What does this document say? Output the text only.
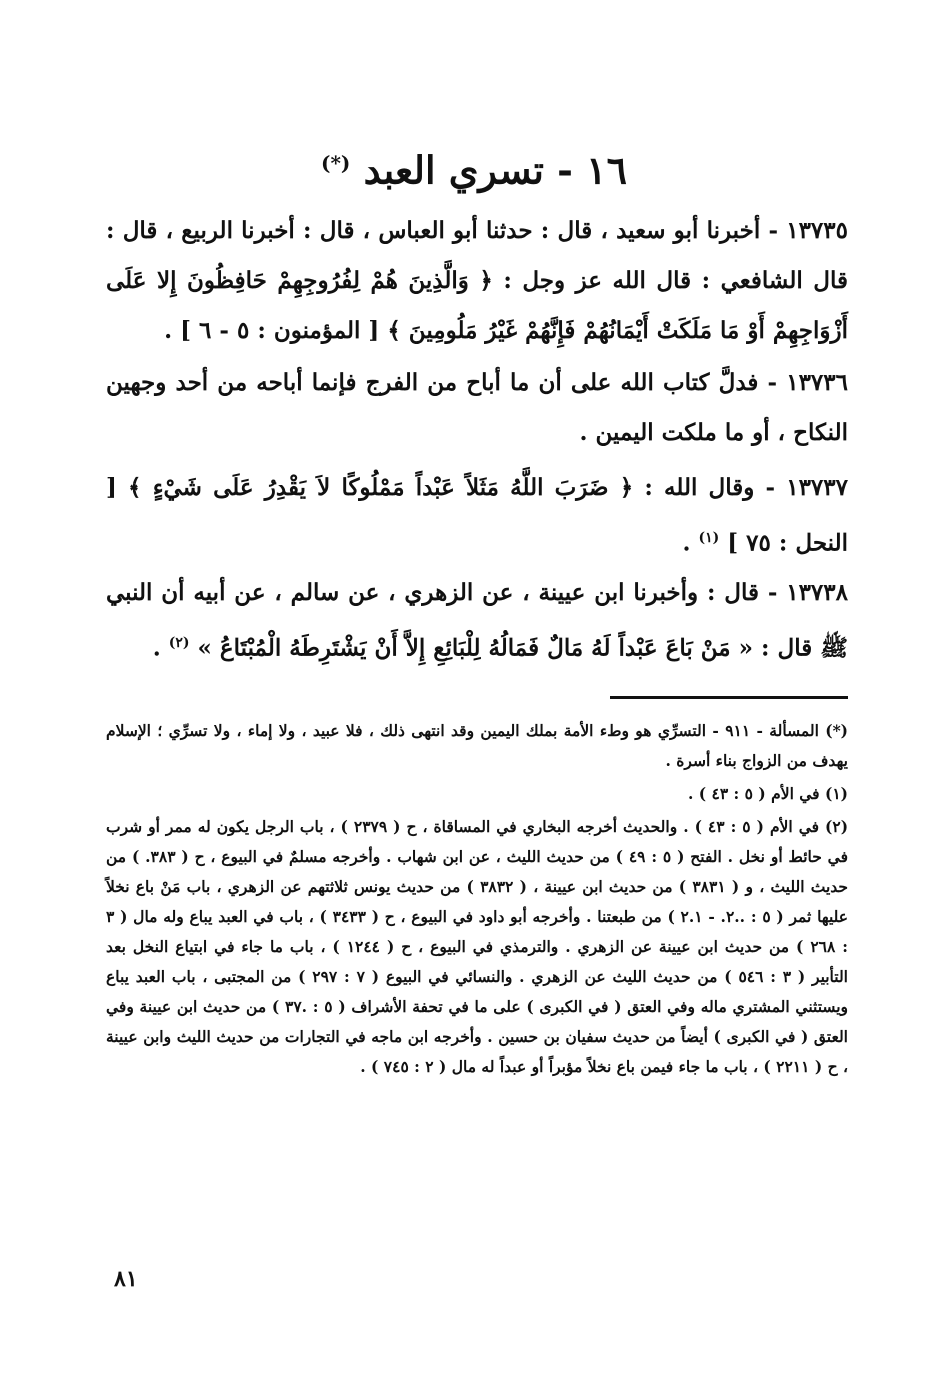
١٦ - تسري العبد (*)
١٣٧٣٥ - أخبرنا أبو سعيد ، قال : حدثنا أبو العباس ، قال : أخبرنا الربيع ، قال : قال الشافعي : قال الله عز وجل : ﴿ وَالَّذِينَ هُمْ لِفُرُوجِهِمْ حَافِظُونَ إِلا عَلَى أَزْوَاجِهِمْ أَوْ مَا مَلَكَتْ أَيْمَانُهُمْ فَإِنَّهُمْ غَيْرُ مَلُومِينَ ﴾ [ المؤمنون : ٥ - ٦ ] .
١٣٧٣٦ - فدلَّ كتاب الله على أن ما أباح من الفرج فإنما أباحه من أحد وجهين النكاح ، أو ما ملكت اليمين .
١٣٧٣٧ - وقال الله : ﴿ ضَرَبَ اللَّهُ مَثَلاً عَبْداً مَمْلُوكًا لاَ يَقْدِرُ عَلَى شَيْءٍ ﴾ [ النحل : ٧٥ ] $^{(١)}$ .
١٣٧٣٨ - قال : وأخبرنا ابن عيينة ، عن الزهري ، عن سالم ، عن أبيه أن النبي ﷺ قال : « مَنْ بَاعَ عَبْداً لَهُ مَالٌ فَمَالُهُ لِلْبَائِعِ إِلاَّ أَنْ يَشْتَرِطَهُ الْمُبْتَاعُ » $^{(٢)}$ .

(*) المسألة - ٩١١ - التسرِّي هو وطء الأمة بملك اليمين وقد انتهى ذلك ، فلا عبيد ، ولا إماء ، ولا تسرِّي ؛ الإسلام يهدف من الزواج بناء أسرة .

(١) في الأم ( ٥ : ٤٣ ) .

(٢) في الأم ( ٥ : ٤٣ ) . والحديث أخرجه البخاري في المساقاة ، ح ( ٢٣٧٩ ) ، باب الرجل يكون له ممر أو شرب في حائط أو نخل . الفتح ( ٥ : ٤٩ ) من حديث الليث ، عن ابن شهاب . وأخرجه مسلمٌ في البيوع ، ح ( ٣٨٣. ) من حديث الليث ، و ( ٣٨٣١ ) من حديث ابن عيينة ، ( ٣٨٣٢ ) من حديث يونس ثلاثتهم عن الزهري ، باب مَنْ باع نخلاً عليها ثمر ( ٥ : ..٢. - ٢.١ ) من طبعتنا . وأخرجه أبو داود في البيوع ، ح ( ٣٤٣٣ ) ، باب في العبد يباع وله مال ( ٣ : ٢٦٨ ) من حديث ابن عيينة عن الزهري . والترمذي في البيوع ، ح ( ١٢٤٤ ) ، باب ما جاء في ابتياع النخل بعد التأبير ( ٣ : ٥٤٦ ) من حديث الليث عن الزهري . والنسائي في البيوع ( ٧ : ٢٩٧ ) من المجتبى ، باب العبد يباع ويستثني المشتري ماله وفي العتق ( في الكبرى ) على ما في تحفة الأشراف ( ٥ : .٣٧ ) من حديث ابن عيينة وفي العتق ( في الكبرى ) أيضاً من حديث سفيان بن حسين . وأخرجه ابن ماجه في التجارات من حديث الليث وابن عيينة ، ح ( ٢٢١١ ) ، باب ما جاء فيمن باع نخلاً مؤبراً أو عبداً له مال ( ٢ : ٧٤٥ ) .

٨١
